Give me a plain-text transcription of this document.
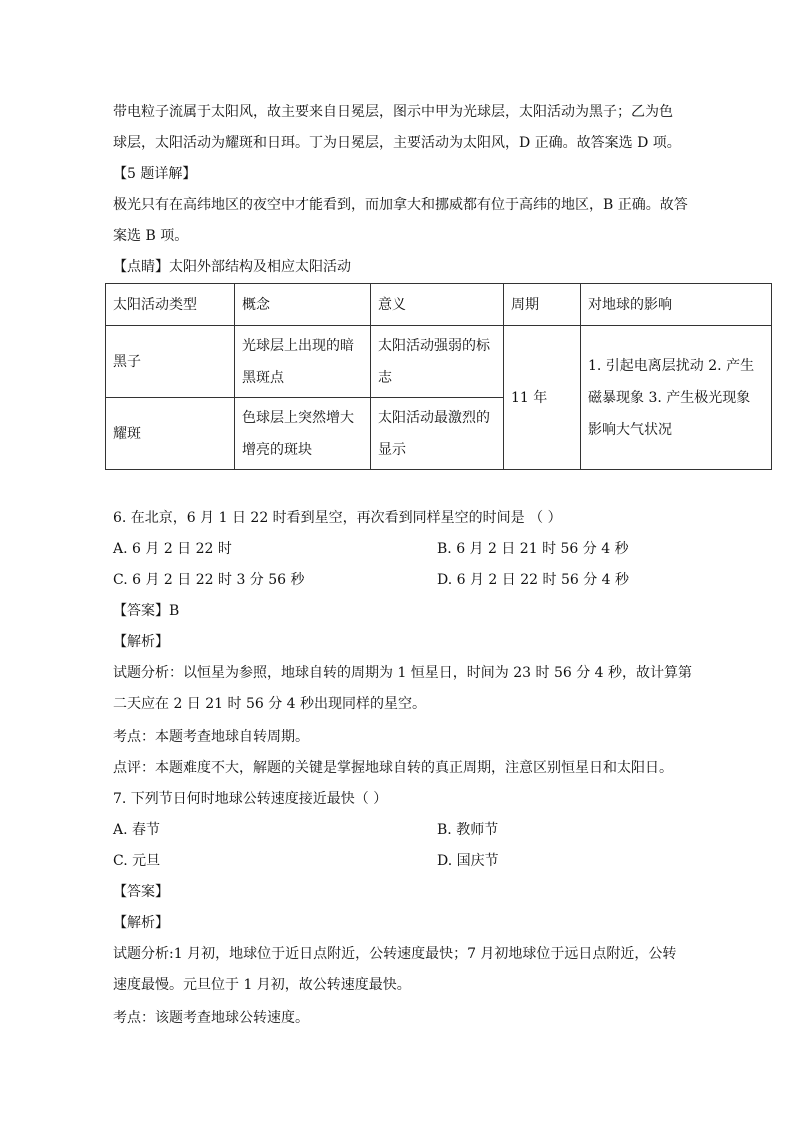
带电粒子流属于太阳风，故主要来自日冕层，图示中甲为光球层，太阳活动为黑子；乙为色
球层，太阳活动为耀斑和日珥。丁为日冕层，主要活动为太阳风，D 正确。故答案选 D 项。
【5 题详解】
极光只有在高纬地区的夜空中才能看到，而加拿大和挪威都有位于高纬的地区，B 正确。故答
案选 B 项。
【点睛】太阳外部结构及相应太阳活动
太阳活动类型	概念	意义	周期	对地球的影响
黑子	光球层上出现的暗黑斑点	太阳活动强弱的标志	11 年	1. 引起电离层扰动 2. 产生磁暴现象 3. 产生极光现象影响大气状况

耀斑	色球层上突然增大增亮的斑块	太阳活动最激烈的显示		
6. 在北京，6 月 1 日 22 时看到星空，再次看到同样星空的时间是 （ ）
A. 6 月 2 日 22 时	B. 6 月 2 日 21 时 56 分 4 秒
C. 6 月 2 日 22 时 3 分 56 秒	D. 6 月 2 日 22 时 56 分 4 秒
【答案】B
【解析】
试题分析：以恒星为参照，地球自转的周期为 1 恒星日，时间为 23 时 56 分 4 秒，故计算第
二天应在 2 日 21 时 56 分 4 秒出现同样的星空。
考点：本题考查地球自转周期。
点评：本题难度不大，解题的关键是掌握地球自转的真正周期，注意区别恒星日和太阳日。
7. 下列节日何时地球公转速度接近最快（ ）
A. 春节	B. 教师节
C. 元旦	D. 国庆节
【答案】
【解析】
试题分析:1 月初，地球位于近日点附近，公转速度最快；7 月初地球位于远日点附近，公转
速度最慢。元旦位于 1 月初，故公转速度最快。
考点：该题考查地球公转速度。
